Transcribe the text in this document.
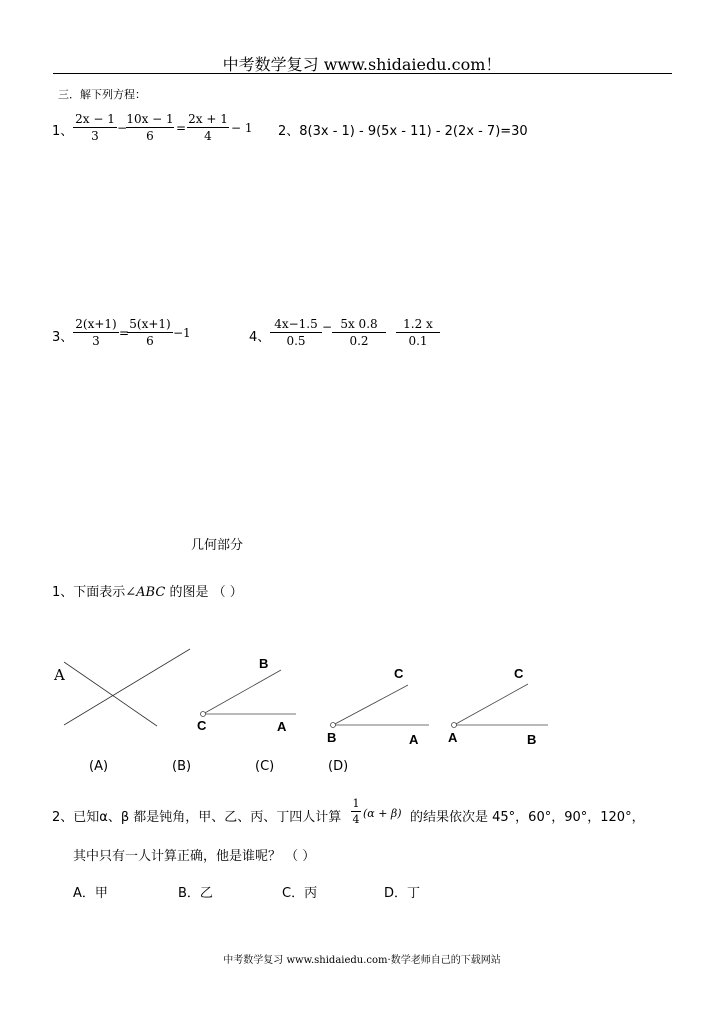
中考数学复习 www.shidaiedu.com！
三．解下列方程：
1、
2x − 1
3
−
10x − 1
6
=
2x + 1
4
− 1 2、8(3x - 1) - 9(5x - 11) - 2(2x - 7)=30
3、
2(x+1)
3
=
5(x+1)
6
−1	4、
4x−1.5
0.5
− 5x 0.8
0.2
1.2 x
0.1
几何部分
1、下面表示∠ABC 的图是 （ ）
A
B
C	A
C
B	A
C
A	B
(A)	(B)	(C)	(D)
2、已知α、β 都是钝角，甲、乙、丙、丁四人计算
1
4 (α + β) 的结果依次是 45°，60°，90°，120°，
其中只有一人计算正确，他是谁呢？ （ ）
A．甲	B．乙	C．丙	D．丁
中考数学复习 www.shidaiedu.com·数学老师自己的下载网站
